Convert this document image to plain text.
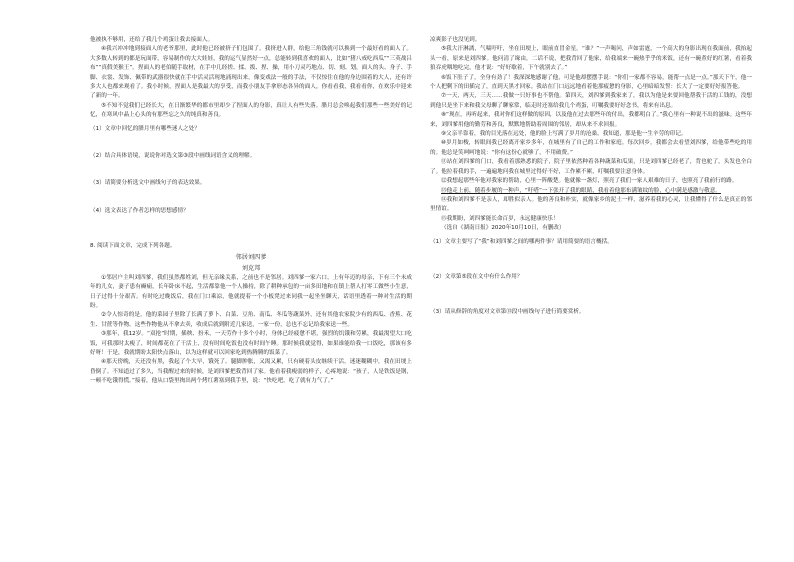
他被执不够用，还给了我几个鸡蛋让我去接面人。

④我兴冲冲地到接面人的老爷那里，此时他已经被挤子们包围了。我挤进人群，给他三角钱就可以换到一个最好看的面人了。大多数人转到的都是玩面带，容易制作的大大娃娃，我的运气显然好一点，总能转到我喜欢的面人，比如“猪八戒吃西瓜”“三英战吕布”“真假美猴王”。捏面人的老伯随手取材，在手中几经搓、揉、拨、捏、操，用小刀灵巧地点、切、刻、划，面人的头、身子、手脚、衣裳、发饰、佩带的武器很快就在手中活灵活现地涌现出来。像变戏法一般的手法，不仅惊住在他的身边围着的大人，还有许多大人也都来观看了。我小时候，捏面人是我最大的享受，而我小朋友手拿形态各异的面人，你看看我，我看看你，在欢乐中迎来了新的一年。

⑤不知不觉我们已经长大，在日渐繁华的都市里却少了捏面人的身影，真让人有些失落。腊月总会唤起我们那些一些美好的记忆，在寒风中晶上心头的有那些忘之久的纯真和善良。

（1）文章中回忆的腊月里有哪些迷人之处？

（2）结合具体语境，说说你对选文第③段中画线词语含义的理解。

（3）请简要分析选文中画线句子的表达效果。

（4）选文表达了作者怎样的思想感情？

8. 阅读下面文章，完成下列各题。

邻居刘四爹

刘克邦

①邻居户主叫刘四爹，我们虽然都姓刘，但无亲缘关系，之前也不是邻居。刘四爹一家六口，上有年迈的母亲，下有三个未成年的儿女，妻子患有癫痫，长年卧床不起，生活都靠他一个人操持，除了耕种承包的一亩多田地和在镇上帮人打零工做些小生意，日子过得十分艰苦。有时吃过晚饭后，我在门口乘凉，他就提着一个小板凳过来同我一起坐坐聊天，话语里透着一种对生活的期盼。

②令人惊奇的是，他的菜园子里除了长满了萝卜、白菜、豆角、南瓜、冬瓜等蔬菜外，还有其他农家院少有的西瓜、香蕉、花生、甘蔗等作物。这些作物他从不拿去卖，收成后就到附近几家送，一家一份，总也不忘记给我家送一些。

③那年，我12岁。“双抢”时期，插秧、扮禾，一天劳作十多个小时，身体已经疲惫不堪，强烈的饥饿和劳累，我最渴望大口吃饭，可我那时太瘦了，时间都花在了干活上，没有时间吃饭也没有时间午睡。那时候我就觉得，如果谁能给我一口饭吃，那该有多好呀！于是，我就期盼太阳快点落山，以为这样就可以回家吃到热腾腾的饭菜了。

④那天傍晚，天还没有黑，我起了个大早，饿死了。腿脚肿胀，又渴又累，只有硬着头皮继续干活。迷迷糊糊中，我在田埂上昏倒了。不知道过了多久，当我醒过来的时候，是刘四爹把我背回了家。他看着我瘦弱的样子，心疼地说：“孩子，人是铁饭是钢，一顿不吃饿得慌。”接着，他从口袋里掏出两个烤红薯塞到我手里，说：“快吃吧，吃了就有力气了。”

凉爽影子也没见到。

⑤我大汗淋漓，气喘吁吁，坐在田埂上，眼前直冒金星。“谁？”一声喝问，声如雷霆，一个高大的身影出现在我面前，我抬起头一看，原来是刘四爹。他问清了缘由，二话不说，把我背回了他家，给我端来一碗热乎乎的米饭，还有一碗煮好的红薯，看着我狼吞虎咽地吃完，他才说：“好好歇着，下午就别去了。”

⑥饭下肚子了，全身有劲了！我深深地感谢了他，可是他却摆摆手说：“你们一家都不容易，能帮一点是一点。”那天下午，他一个人把剩下的田插完了，直到天黑才回家。我站在门口远远地看着他那疲惫的身影，心里暗暗发誓：长大了一定要好好报答他。

⑦一天，两天，三天……我做一只好事也不帮他。第四天，刘四爹到我家来了，我以为他是来要回他帮我干活的工钱的，没想到他只是坐下来和我父母聊了聊家常，临走时还塞给我几个鸡蛋，叮嘱我要好好念书，将来有出息。

⑧“现在，再听起来，我对你们这样做的原因，以及他在过去那些年的付出，我都明白了。”我心里有一种说不出的滋味。这些年来，刘四爹用他的勤劳和善良，默默地帮助着周围的邻居，却从来不求回报。

⑨父亲半靠着，我的目光落在远处，他的脸上写满了岁月的沧桑。我知道，那是他一生辛劳的印记。

⑩岁月如梭，转眼间我已经离开家乡多年，在城里有了自己的工作和家庭。每次回乡，我都会去看望刘四爹，给他带些吃的用的。他总是笑呵呵地说：“你有这份心就够了，不用破费。”

⑪站在刘四爹的门口，我看着那熟悉的院子，院子里依然种着各种蔬菜和瓜果，只是刘四爹已经老了，背也驼了，头发也全白了。他拉着我的手，一遍遍地问我在城里过得好不好，工作累不累，叮嘱我要注意身体。

⑫我想起那些年他对我家的帮助，心里一阵酸楚。他就像一盏灯，照亮了我们一家人艰难的日子，也照亮了我前行的路。

⑬他走上前，随着步履的一种声，“吁嗒”一下张开了我的眼睛，我看着他那布满皱纹的脸，心中满是感激与敬意。

⑭我和刘四爹不是亲人，却胜似亲人。他的善良和朴实，就像家乡的泥土一样，滋养着我的心灵，让我懂得了什么是真正的邻里情谊。

⑮我期盼，刘四爹能长命百岁，永远健康快乐！

（选自《湖南日报》2020年10月10日，有删改）

（1）文章主要写了“我”和刘四爹之间的哪两件事？请用简要的语言概括。

（2）文章第⑤段在文中有什么作用？

（3）请从修辞的角度对文章第⑬段中画线句子进行简要赏析。
